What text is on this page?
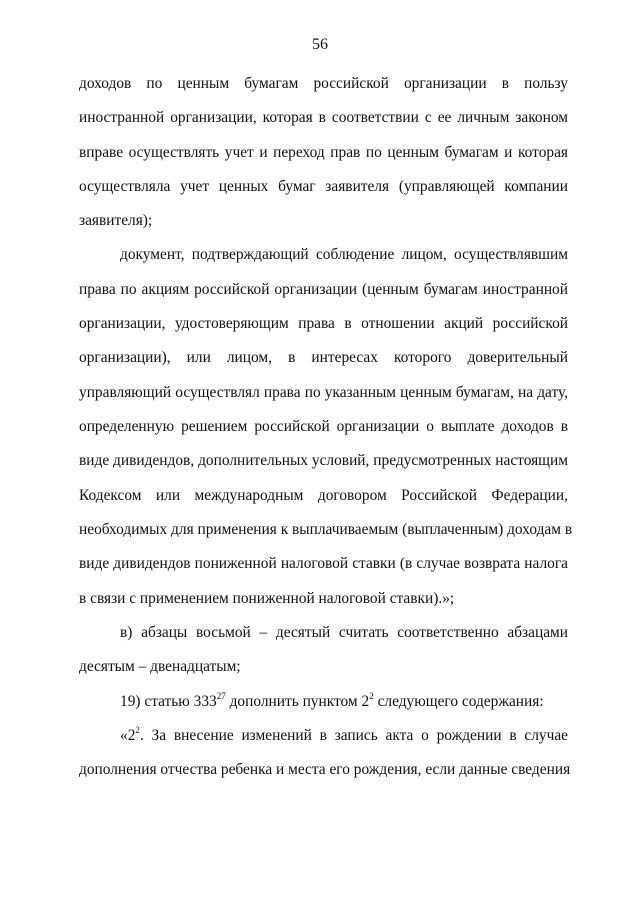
56
доходов по ценным бумагам российской организации в пользу
иностранной организации, которая в соответствии с ее личным законом
вправе осуществлять учет и переход прав по ценным бумагам и которая
осуществляла учет ценных бумаг заявителя (управляющей компании
заявителя);
документ, подтверждающий соблюдение лицом, осуществлявшим
права по акциям российской организации (ценным бумагам иностранной
организации, удостоверяющим права в отношении акций российской
организации), или лицом, в интересах которого доверительный
управляющий осуществлял права по указанным ценным бумагам, на дату,
определенную решением российской организации о выплате доходов в
виде дивидендов, дополнительных условий, предусмотренных настоящим
Кодексом или международным договором Российской Федерации,
необходимых для применения к выплачиваемым (выплаченным) доходам в
виде дивидендов пониженной налоговой ставки (в случае возврата налога
в связи с применением пониженной налоговой ставки).»;
в) абзацы восьмой – десятый считать соответственно абзацами
десятым – двенадцатым;
19) статью $333^{27}$ дополнить пунктом $2^2$ следующего содержания:
«$2^2$. За внесение изменений в запись акта о рождении в случае
дополнения отчества ребенка и места его рождения, если данные сведения
